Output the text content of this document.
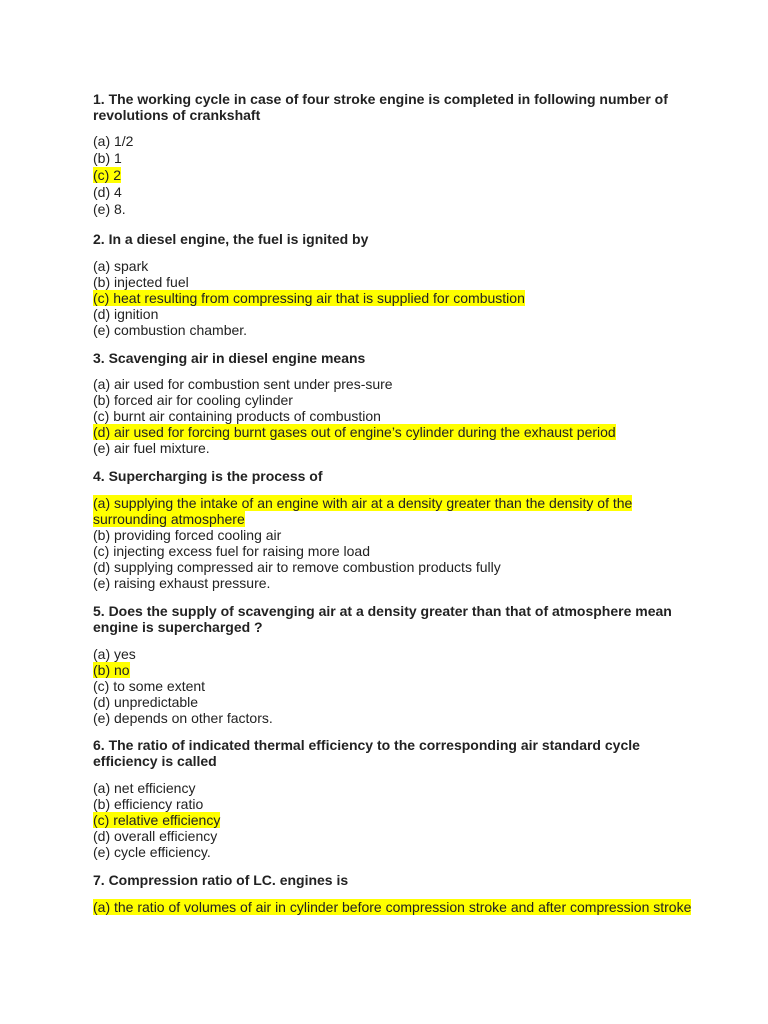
1. The working cycle in case of four stroke engine is completed in following number of revolutions of crankshaft
(a) 1/2
(b) 1
(c) 2
(d) 4
(e) 8.
2. In a diesel engine, the fuel is ignited by
(a) spark
(b) injected fuel
(c) heat resulting from compressing air that is supplied for combustion
(d) ignition
(e) combustion chamber.
3. Scavenging air in diesel engine means
(a) air used for combustion sent under pres-sure
(b) forced air for cooling cylinder
(c) burnt air containing products of combustion
(d) air used for forcing burnt gases out of engine’s cylinder during the exhaust period
(e) air fuel mixture.
4. Supercharging is the process of
(a) supplying the intake of an engine with air at a density greater than the density of the surrounding atmosphere
(b) providing forced cooling air
(c) injecting excess fuel for raising more load
(d) supplying compressed air to remove combustion products fully
(e) raising exhaust pressure.
5. Does the supply of scavenging air at a density greater than that of atmosphere mean engine is supercharged ?
(a) yes
(b) no
(c) to some extent
(d) unpredictable
(e) depends on other factors.
6. The ratio of indicated thermal efficiency to the corresponding air standard cycle efficiency is called
(a) net efficiency
(b) efficiency ratio
(c) relative efficiency
(d) overall efficiency
(e) cycle efficiency.
7. Compression ratio of LC. engines is
(a) the ratio of volumes of air in cylinder before compression stroke and after compression stroke
